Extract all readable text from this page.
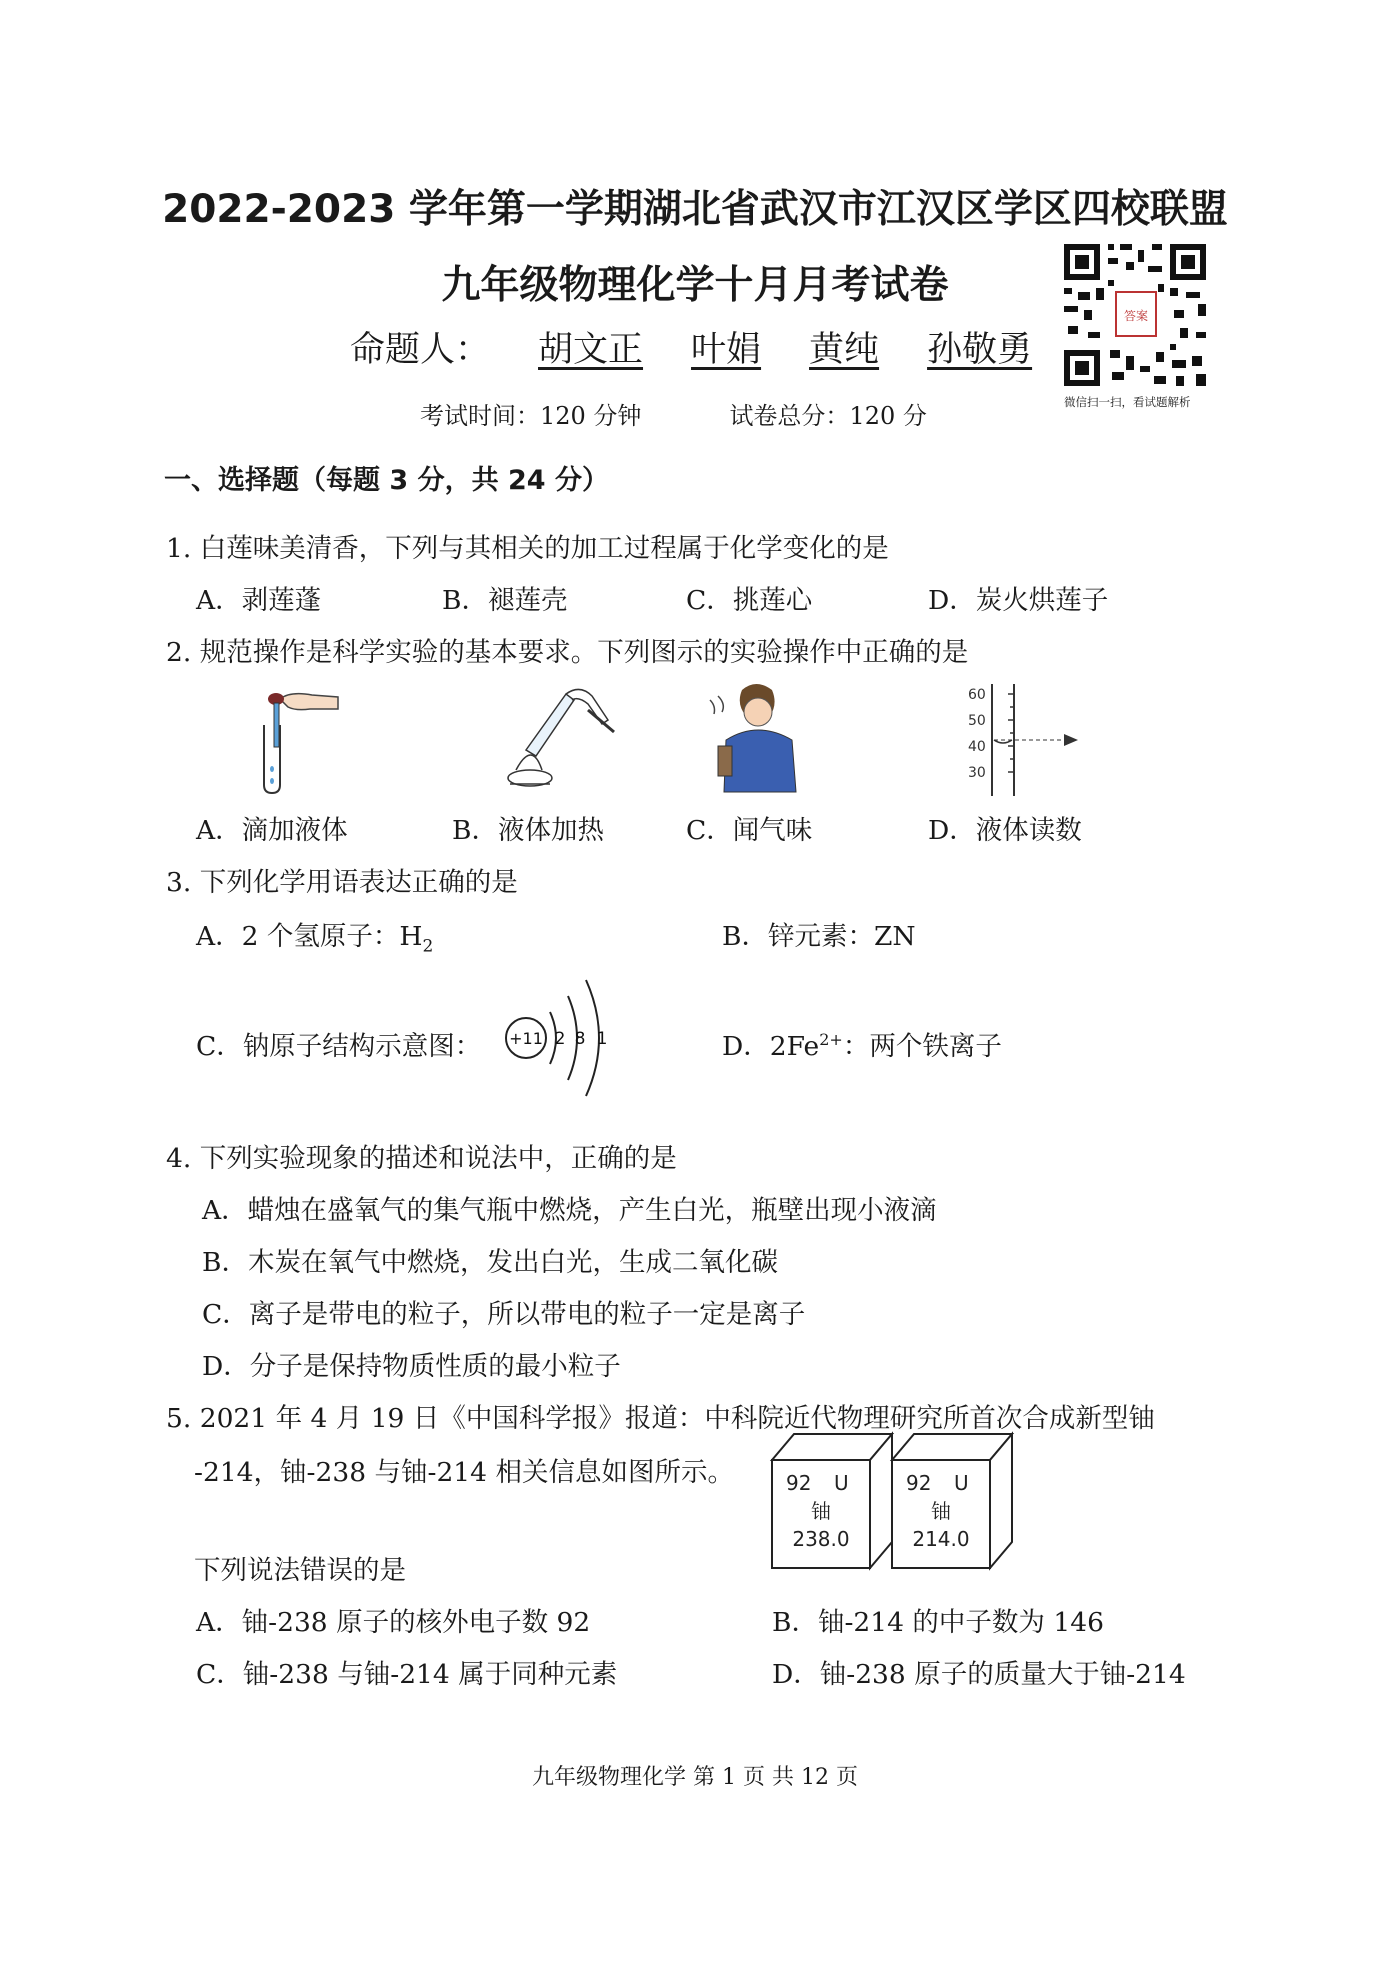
2022-2023 学年第一学期湖北省武汉市江汉区学区四校联盟
九年级物理化学十月月考试卷
命题人： 胡文正 叶娟 黄纯 孙敬勇
考试时间：120 分钟	试卷总分：120 分
答案
微信扫一扫，看试题解析
一、选择题（每题 3 分，共 24 分）
1. 白莲味美清香，下列与其相关的加工过程属于化学变化的是
A．剥莲蓬	B．褪莲壳	C．挑莲心	D．炭火烘莲子
2. 规范操作是科学实验的基本要求。下列图示的实验操作中正确的是
60
50
40
30
A．滴加液体	B．液体加热	C．闻气味	D．液体读数
3. 下列化学用语表达正确的是
A．2 个氢原子：$H_2$	B．锌元素：ZN
C．钠原子结构示意图： +11 2 8 1	D．$2Fe^{2+}$：两个铁离子
4. 下列实验现象的描述和说法中，正确的是
A．蜡烛在盛氧气的集气瓶中燃烧，产生白光，瓶壁出现小液滴
B．木炭在氧气中燃烧，发出白光，生成二氧化碳
C．离子是带电的粒子，所以带电的粒子一定是离子
D．分子是保持物质性质的最小粒子
5. 2021 年 4 月 19 日《中国科学报》报道：中科院近代物理研究所首次合成新型铀
-214，铀-238 与铀-214 相关信息如图所示。
下列说法错误的是
92 U
铀
238.0
92 U
铀
214.0
A．铀-238 原子的核外电子数 92	B．铀-214 的中子数为 146
C．铀-238 与铀-214 属于同种元素	D．铀-238 原子的质量大于铀-214
九年级物理化学 第 1 页 共 12 页
